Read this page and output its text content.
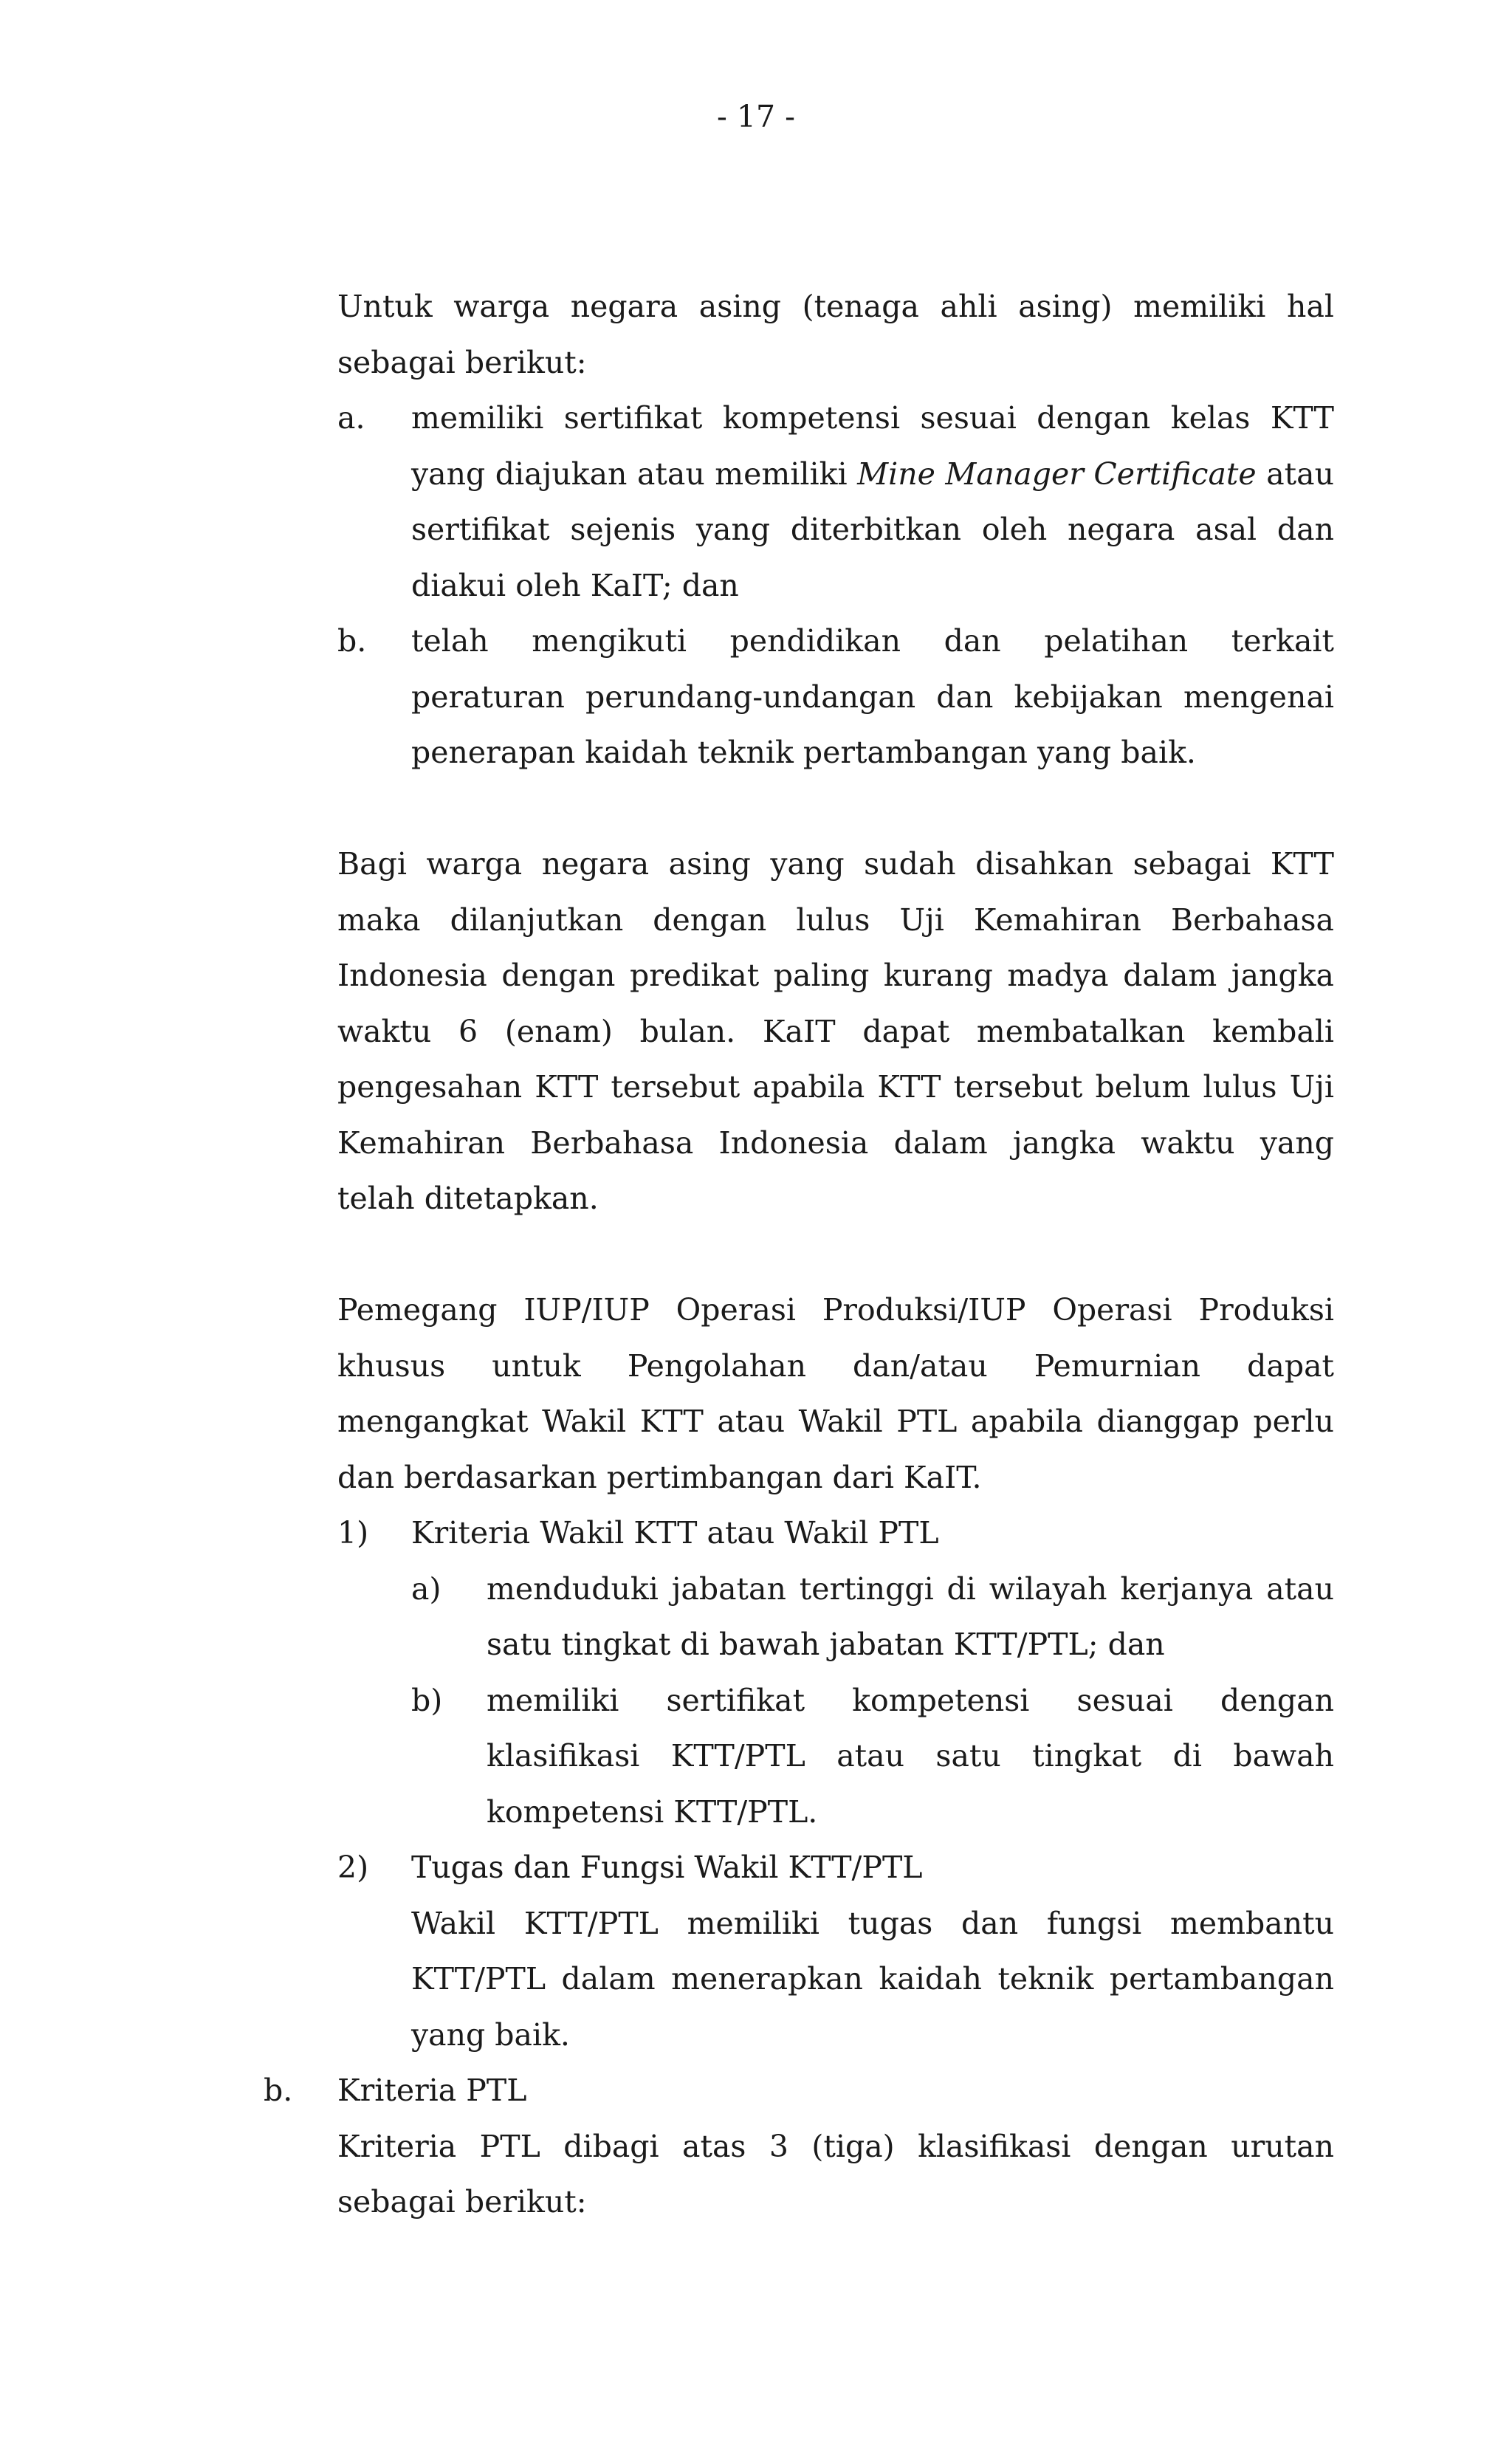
- 17 -
Untuk warga negara asing (tenaga ahli asing) memiliki hal
sebagai berikut:
a. memiliki sertifikat kompetensi sesuai dengan kelas KTT
yang diajukan atau memiliki Mine Manager Certificate atau
sertifikat sejenis yang diterbitkan oleh negara asal dan
diakui oleh KaIT; dan
b. telah mengikuti pendidikan dan pelatihan terkait
peraturan perundang-undangan dan kebijakan mengenai
penerapan kaidah teknik pertambangan yang baik.
Bagi warga negara asing yang sudah disahkan sebagai KTT
maka dilanjutkan dengan lulus Uji Kemahiran Berbahasa
Indonesia dengan predikat paling kurang madya dalam jangka
waktu 6 (enam) bulan. KaIT dapat membatalkan kembali
pengesahan KTT tersebut apabila KTT tersebut belum lulus Uji
Kemahiran Berbahasa Indonesia dalam jangka waktu yang
telah ditetapkan.
Pemegang IUP/IUP Operasi Produksi/IUP Operasi Produksi
khusus untuk Pengolahan dan/atau Pemurnian dapat
mengangkat Wakil KTT atau Wakil PTL apabila dianggap perlu
dan berdasarkan pertimbangan dari KaIT.
1) Kriteria Wakil KTT atau Wakil PTL
a) menduduki jabatan tertinggi di wilayah kerjanya atau
satu tingkat di bawah jabatan KTT/PTL; dan
b) memiliki sertifikat kompetensi sesuai dengan
klasifikasi KTT/PTL atau satu tingkat di bawah
kompetensi KTT/PTL.
2) Tugas dan Fungsi Wakil KTT/PTL
Wakil KTT/PTL memiliki tugas dan fungsi membantu
KTT/PTL dalam menerapkan kaidah teknik pertambangan
yang baik.
b. Kriteria PTL
Kriteria PTL dibagi atas 3 (tiga) klasifikasi dengan urutan
sebagai berikut:
